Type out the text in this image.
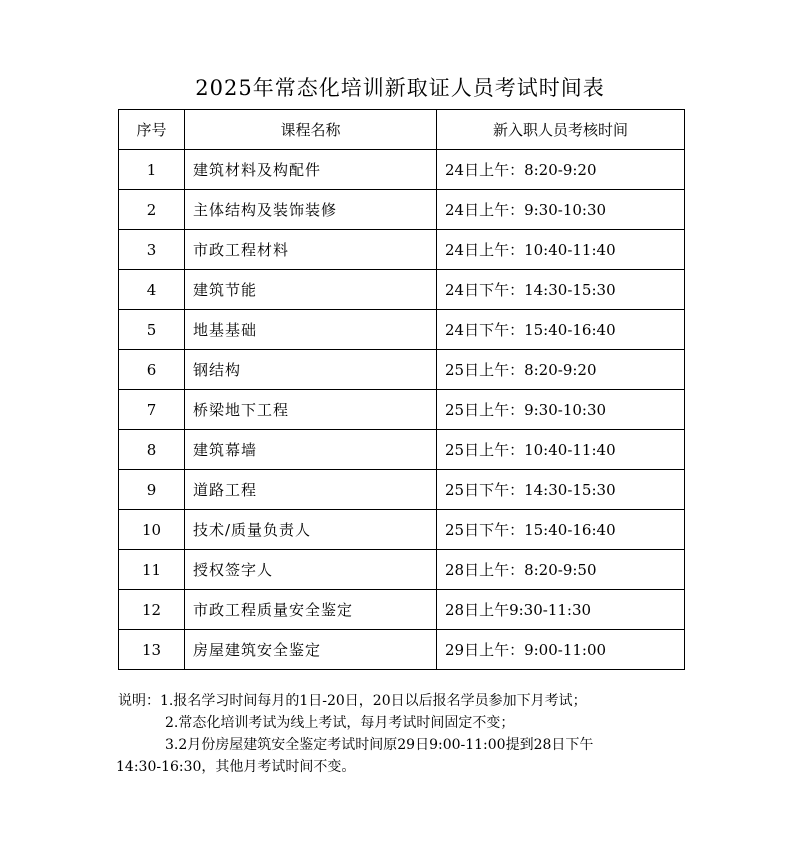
2025年常态化培训新取证人员考试时间表
序号	课程名称	新入职人员考核时间
1	建筑材料及构配件	24日上午：8:20-9:20
2	主体结构及装饰装修	24日上午：9:30-10:30
3	市政工程材料	24日上午：10:40-11:40
4	建筑节能	24日下午：14:30-15:30
5	地基基础	24日下午：15:40-16:40
6	钢结构	25日上午：8:20-9:20
7	桥梁地下工程	25日上午：9:30-10:30
8	建筑幕墙	25日上午：10:40-11:40
9	道路工程	25日下午：14:30-15:30
10	技术/质量负责人	25日下午：15:40-16:40
11	授权签字人	28日上午：8:20-9:50
12	市政工程质量安全鉴定	28日上午9:30-11:30
13	房屋建筑安全鉴定	29日上午：9:00-11:00

说明：1.报名学习时间每月的1日-20日，20日以后报名学员参加下月考试；

2.常态化培训考试为线上考试，每月考试时间固定不变；

3.2月份房屋建筑安全鉴定考试时间原29日9:00-11:00提到28日下午

14:30-16:30，其他月考试时间不变。
